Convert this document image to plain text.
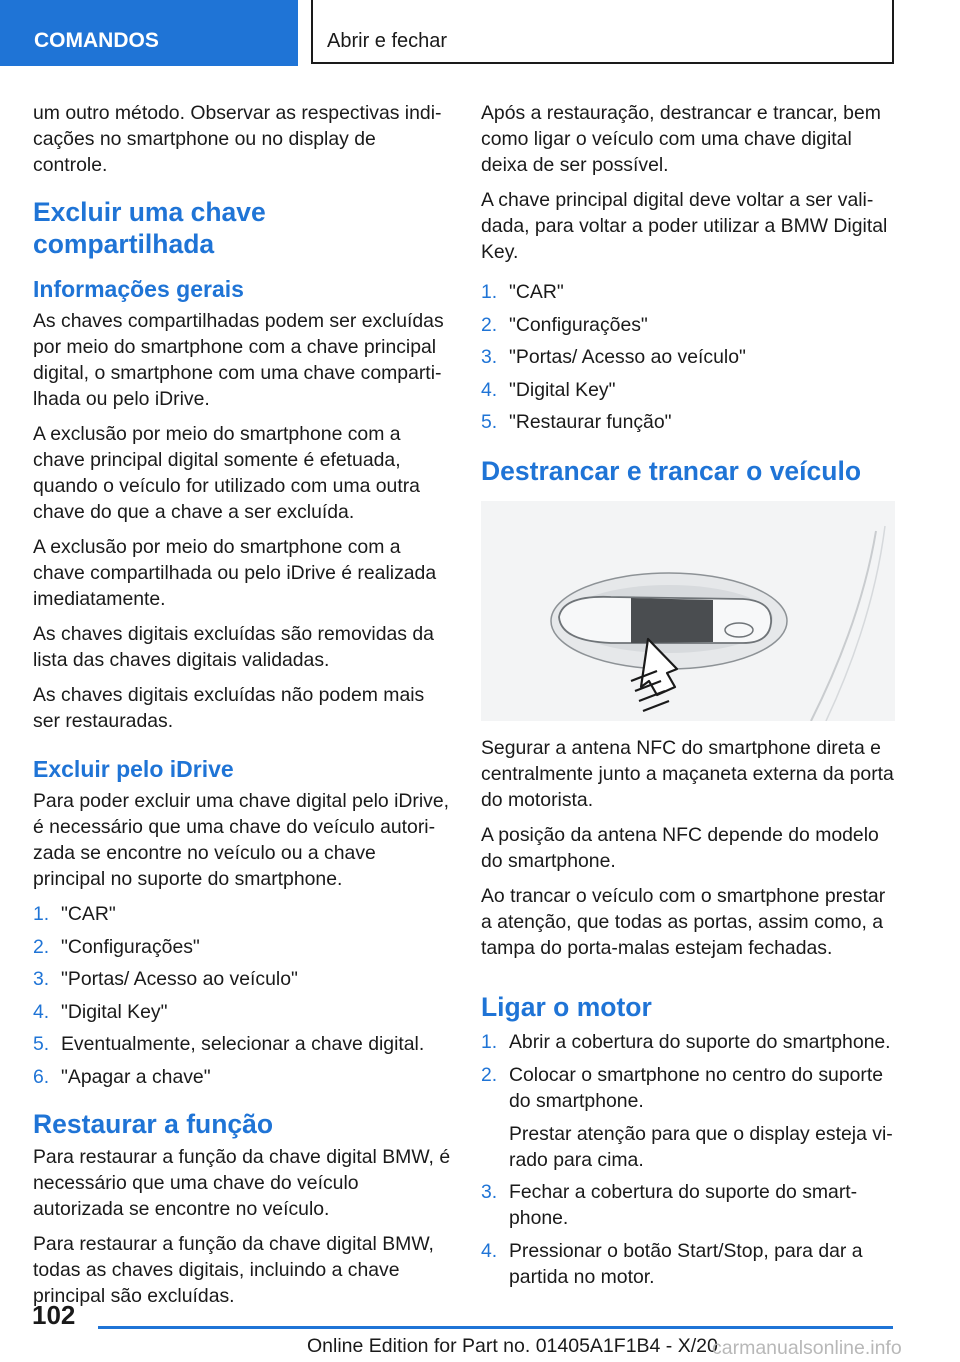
COMANDOS	Abrir e fechar

um outro método. Observar as respectivas indicações no smartphone ou no display de controle.

Excluir uma chave compartilhada
Informações gerais

As chaves compartilhadas podem ser excluídas por meio do smartphone com a chave principal digital, o smartphone com uma chave compartilhada ou pelo iDrive.

A exclusão por meio do smartphone com a chave principal digital somente é efetuada, quando o veículo for utilizado com uma outra chave do que a chave a ser excluída.

A exclusão por meio do smartphone com a chave compartilhada ou pelo iDrive é realizada imediatamente.

As chaves digitais excluídas são removidas da lista das chaves digitais validadas.

As chaves digitais excluídas não podem mais ser restauradas.

Excluir pelo iDrive

Para poder excluir uma chave digital pelo iDrive, é necessário que uma chave do veículo autorizada se encontre no veículo ou a chave principal no suporte do smartphone.

1. "CAR"
2. "Configurações"
3. "Portas/ Acesso ao veículo"
4. "Digital Key"
5. Eventualmente, selecionar a chave digital.
6. "Apagar a chave"
Restaurar a função

Para restaurar a função da chave digital BMW, é necessário que uma chave do veículo autorizada se encontre no veículo.

Para restaurar a função da chave digital BMW, todas as chaves digitais, incluindo a chave principal são excluídas.

Após a restauração, destrancar e trancar, bem como ligar o veículo com uma chave digital deixa de ser possível.

A chave principal digital deve voltar a ser validada, para voltar a poder utilizar a BMW Digital Key.

1. "CAR"
2. "Configurações"
3. "Portas/ Acesso ao veículo"
4. "Digital Key"
5. "Restaurar função"
Destrancar e trancar o veículo

Segurar a antena NFC do smartphone direta e centralmente junto a maçaneta externa da porta do motorista.

A posição da antena NFC depende do modelo do smartphone.

Ao trancar o veículo com o smartphone prestar a atenção, que todas as portas, assim como, a tampa do porta-malas estejam fechadas.

Ligar o motor
1. Abrir a cobertura do suporte do smartphone.
2. Colocar o smartphone no centro do suporte do smartphone.
Prestar atenção para que o display esteja virado para cima.
3. Fechar a cobertura do suporte do smartphone.
4. Pressionar o botão Start/Stop, para dar a partida no motor.
102
Online Edition for Part no. 01405A1F1B4 - X/20
carmanualsonline.info
